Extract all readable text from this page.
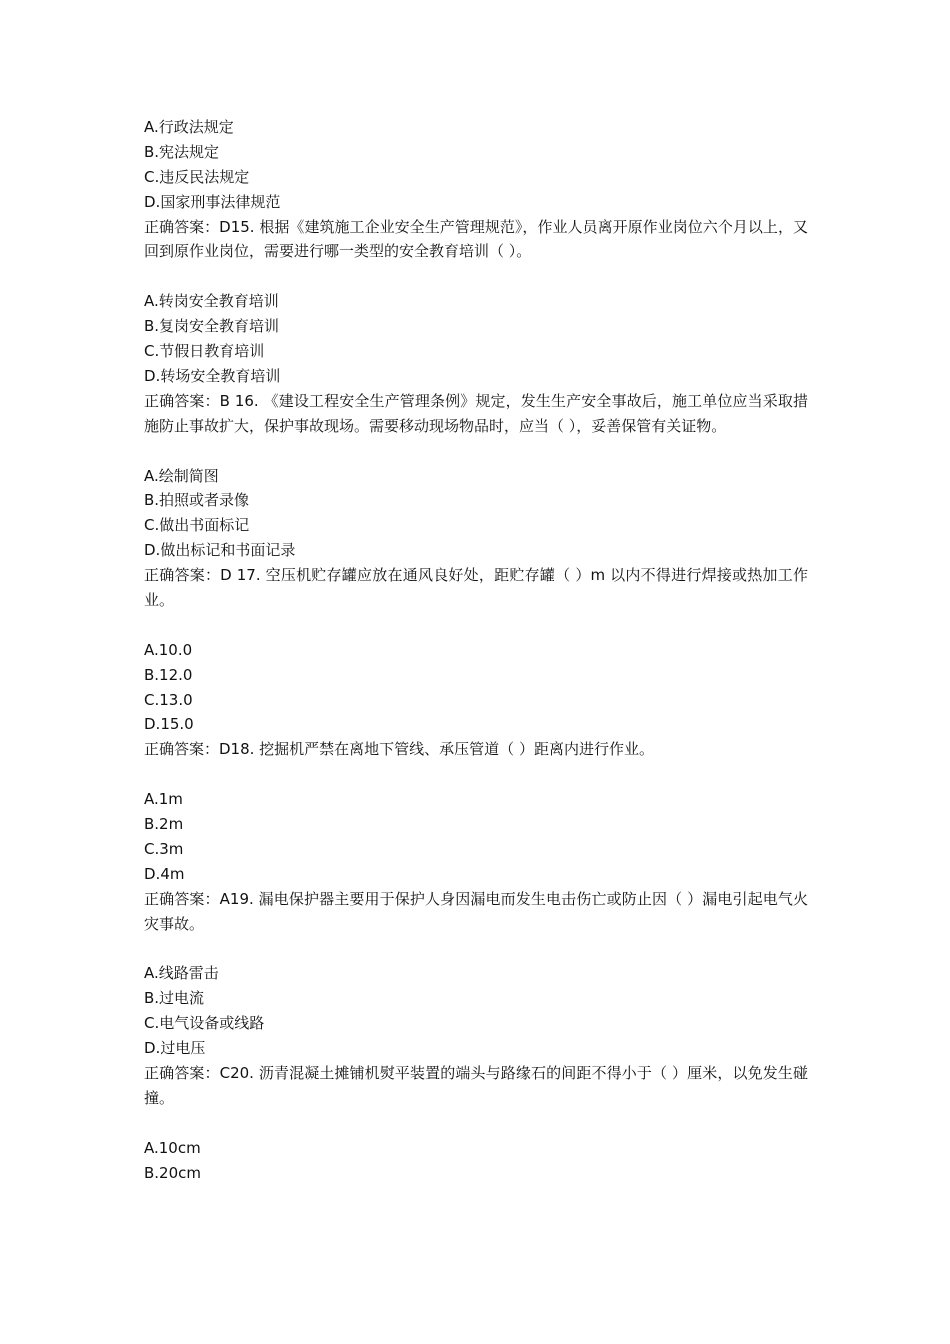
A.行政法规定
B.宪法规定
C.违反民法规定
D.国家刑事法律规范
正确答案：D15. 根据《建筑施工企业安全生产管理规范》，作业人员离开原作业岗位六个月以上，又回到原作业岗位，需要进行哪一类型的安全教育培训（ ）。
A.转岗安全教育培训
B.复岗安全教育培训
C.节假日教育培训
D.转场安全教育培训
正确答案：B 16. 《建设工程安全生产管理条例》规定，发生生产安全事故后，施工单位应当采取措施防止事故扩大，保护事故现场。需要移动现场物品时，应当（ ），妥善保管有关证物。
A.绘制简图
B.拍照或者录像
C.做出书面标记
D.做出标记和书面记录
正确答案：D 17. 空压机贮存罐应放在通风良好处，距贮存罐（ ）m 以内不得进行焊接或热加工作业。
A.10.0
B.12.0
C.13.0
D.15.0
正确答案：D18. 挖掘机严禁在离地下管线、承压管道（ ）距离内进行作业。
A.1m
B.2m
C.3m
D.4m
正确答案：A19. 漏电保护器主要用于保护人身因漏电而发生电击伤亡或防止因（ ）漏电引起电气火灾事故。
A.线路雷击
B.过电流
C.电气设备或线路
D.过电压
正确答案：C20. 沥青混凝土摊铺机熨平装置的端头与路缘石的间距不得小于（ ）厘米，以免发生碰撞。
A.10cm
B.20cm
